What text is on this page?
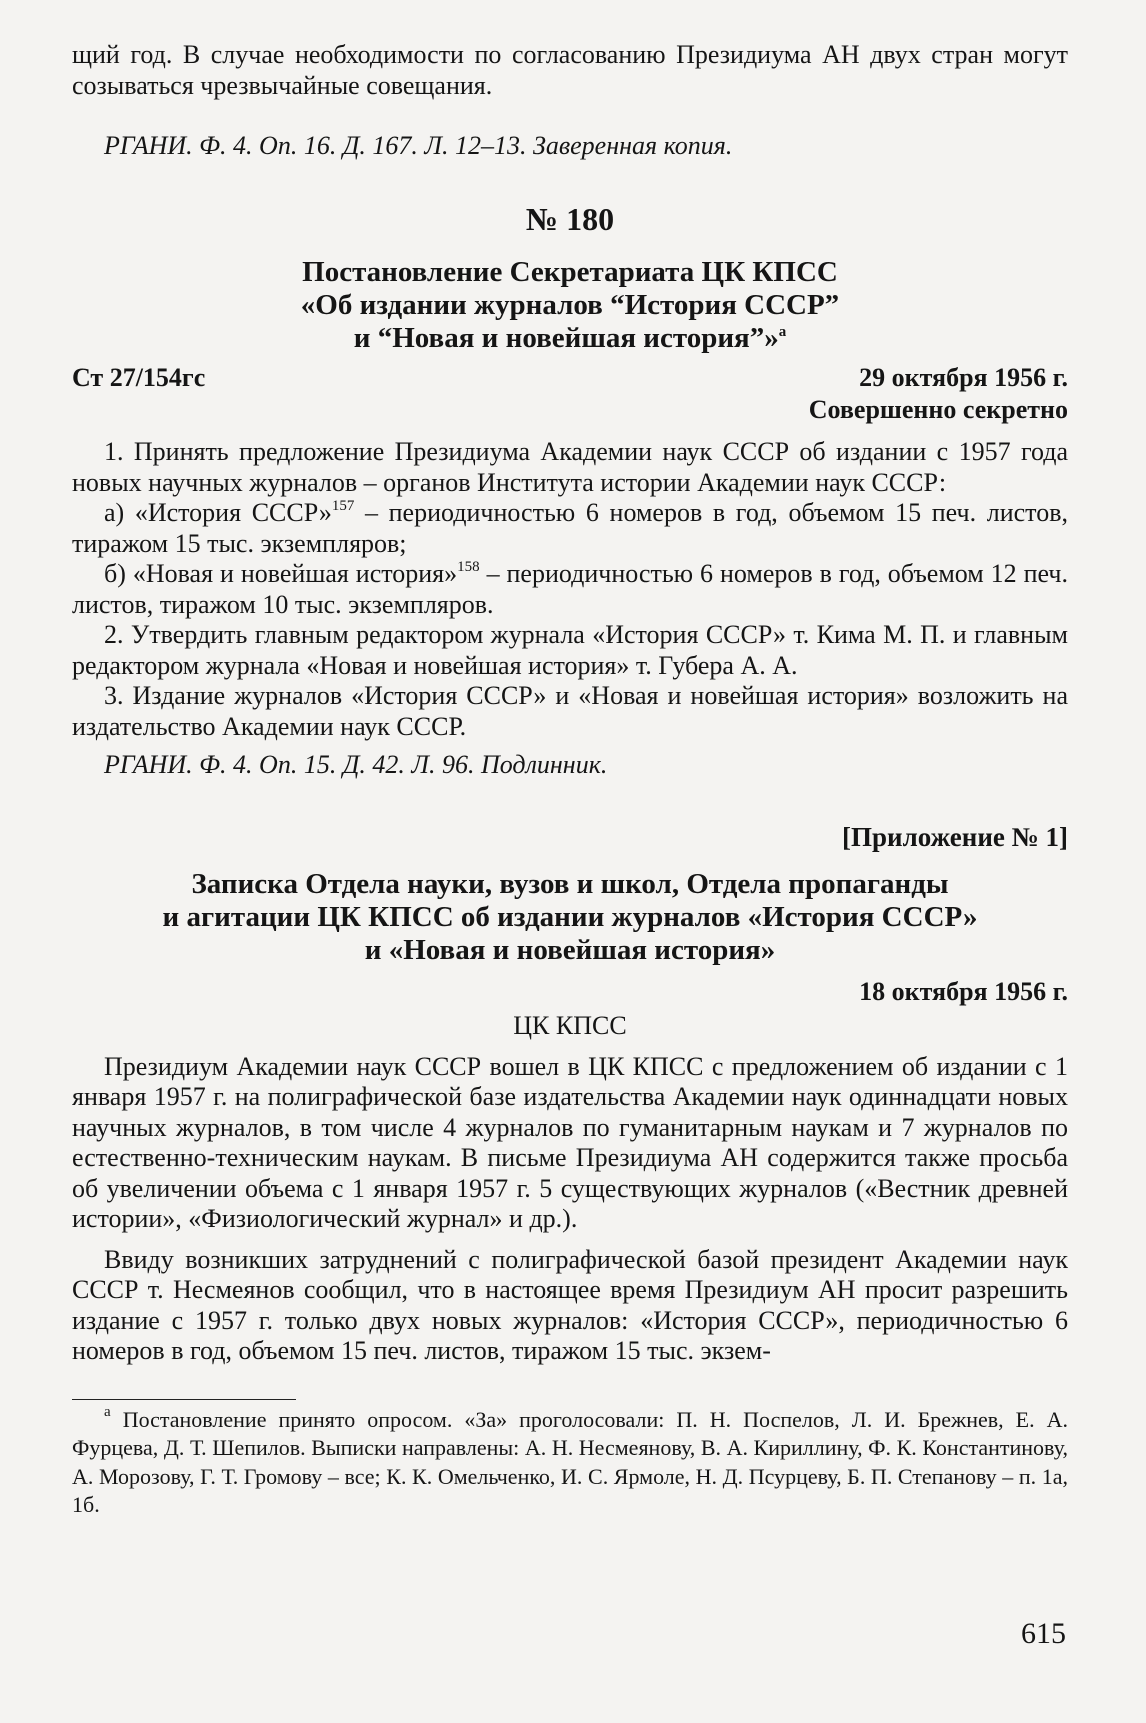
щий год. В случае необходимости по согласованию Президиума АН двух стран могут созываться чрезвычайные совещания.

РГАНИ. Ф. 4. Оп. 16. Д. 167. Л. 12–13. Заверенная копия.

№ 180

Постановление Секретариата ЦК КПСС

«Об издании журналов “История СССР”

и “Новая и новейшая история”»$^а$

Ст 27/154гс	29 октября 1956 г.

Совершенно секретно

1. Принять предложение Президиума Академии наук СССР об издании с 1957 года новых научных журналов – органов Института истории Академии наук СССР:

а) «История СССР»$^{157}$ – периодичностью 6 номеров в год, объемом 15 печ. листов, тиражом 15 тыс. экземпляров;

б) «Новая и новейшая история»$^{158}$ – периодичностью 6 номеров в год, объемом 12 печ. листов, тиражом 10 тыс. экземпляров.

2. Утвердить главным редактором журнала «История СССР» т. Кима М. П. и главным редактором журнала «Новая и новейшая история» т. Губера А. А.

3. Издание журналов «История СССР» и «Новая и новейшая история» возложить на издательство Академии наук СССР.

РГАНИ. Ф. 4. Оп. 15. Д. 42. Л. 96. Подлинник.

[Приложение № 1]

Записка Отдела науки, вузов и школ, Отдела пропаганды

и агитации ЦК КПСС об издании журналов «История СССР»

и «Новая и новейшая история»

18 октября 1956 г.

ЦК КПСС

Президиум Академии наук СССР вошел в ЦК КПСС с предложением об издании с 1 января 1957 г. на полиграфической базе издательства Академии наук одиннадцати новых научных журналов, в том числе 4 журналов по гуманитарным наукам и 7 журналов по естественно-техническим наукам. В письме Президиума АН содержится также просьба об увеличении объема с 1 января 1957 г. 5 существующих журналов («Вестник древней истории», «Физиологический журнал» и др.).

Ввиду возникших затруднений с полиграфической базой президент Академии наук СССР т. Несмеянов сообщил, что в настоящее время Президиум АН просит разрешить издание с 1957 г. только двух новых журналов: «История СССР», периодичностью 6 номеров в год, объемом 15 печ. листов, тиражом 15 тыс. экзем-

$^а$ Постановление принято опросом. «За» проголосовали: П. Н. Поспелов, Л. И. Брежнев, Е. А. Фурцева, Д. Т. Шепилов. Выписки направлены: А. Н. Несмеянову, В. А. Кириллину, Ф. К. Константинову, А. Морозову, Г. Т. Громову – все; К. К. Омельченко, И. С. Ярмоле, Н. Д. Псурцеву, Б. П. Степанову – п. 1а, 1б.

615
